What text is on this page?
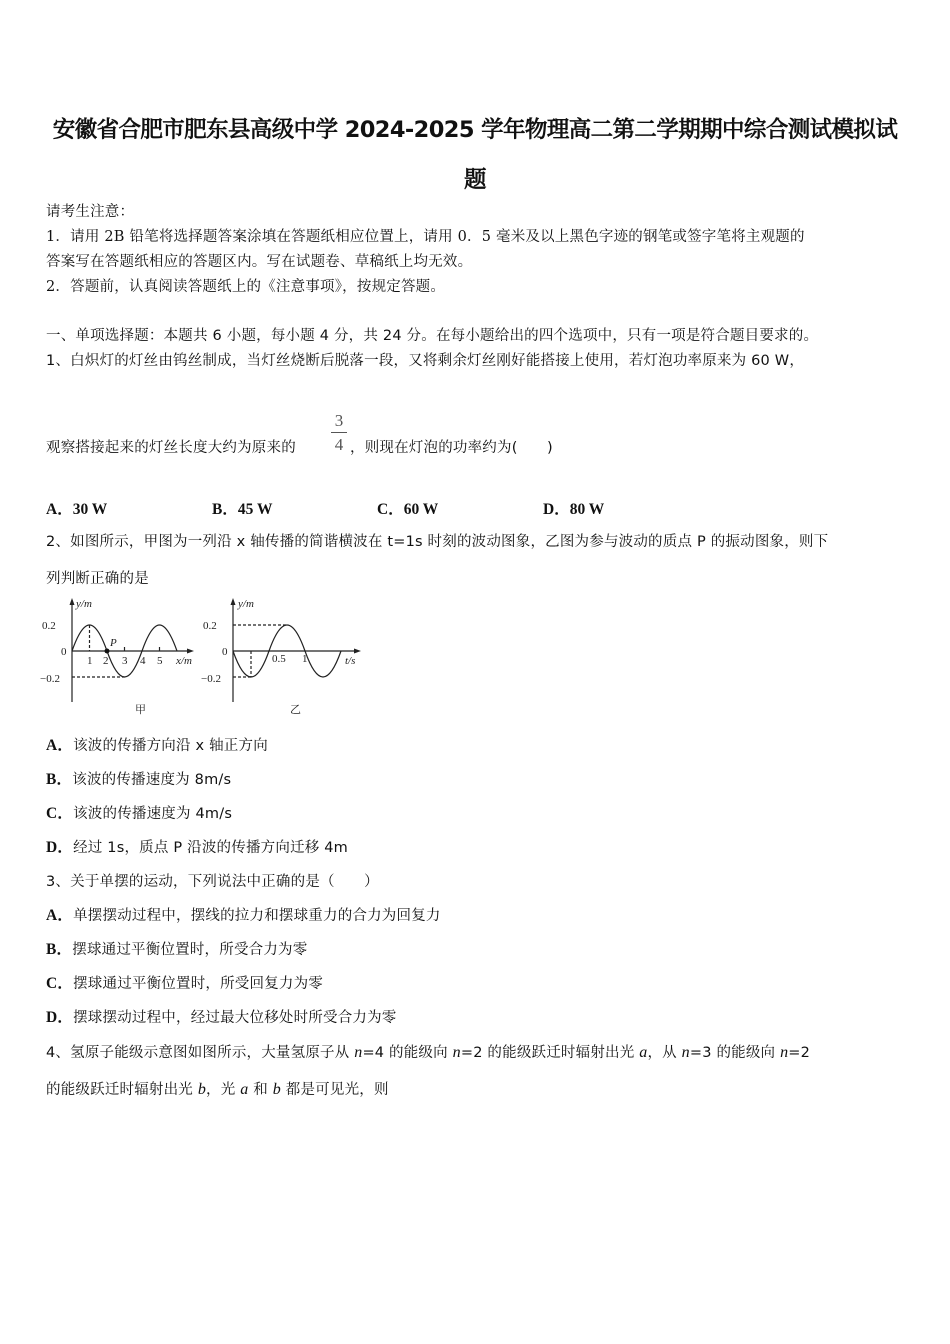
安徽省合肥市肥东县高级中学 2024-2025 学年物理高二第二学期期中综合测试模拟试
题
请考生注意：
1．请用 2B 铅笔将选择题答案涂填在答题纸相应位置上，请用 0．5 毫米及以上黑色字迹的钢笔或签字笔将主观题的
答案写在答题纸相应的答题区内。写在试题卷、草稿纸上均无效。
2．答题前，认真阅读答题纸上的《注意事项》，按规定答题。
一、单项选择题：本题共 6 小题，每小题 4 分，共 24 分。在每小题给出的四个选项中，只有一项是符合题目要求的。
1、白炽灯的灯丝由钨丝制成，当灯丝烧断后脱落一段，又将剩余灯丝刚好能搭接上使用，若灯泡功率原来为 60 W，
观察搭接起来的灯丝长度大约为原来的
3
4 ，则现在灯泡的功率约为(　　)
A．30 W	B．45 W	C．60 W	D．80 W
2、如图所示，甲图为一列沿 x 轴传播的简谐横波在 t=1s 时刻的波动图象，乙图为参与波动的质点 P 的振动图象，则下
列判断正确的是
y/m
0.2
0
−0.2
1 2 3 4 5 x/m
P
甲
y/m
0.2
0
−0.2
0.5 1	t/s
乙
A．该波的传播方向沿 x 轴正方向
B．该波的传播速度为 8m/s
C．该波的传播速度为 4m/s
D．经过 1s，质点 P 沿波的传播方向迁移 4m
3、关于单摆的运动，下列说法中正确的是（　　）
A．单摆摆动过程中，摆线的拉力和摆球重力的合力为回复力
B．摆球通过平衡位置时，所受合力为零
C．摆球通过平衡位置时，所受回复力为零
D．摆球摆动过程中，经过最大位移处时所受合力为零
4、氢原子能级示意图如图所示，大量氢原子从 n=4 的能级向 n=2 的能级跃迁时辐射出光 a，从 n=3 的能级向 n=2
的能级跃迁时辐射出光 b，光 a 和 b 都是可见光，则
